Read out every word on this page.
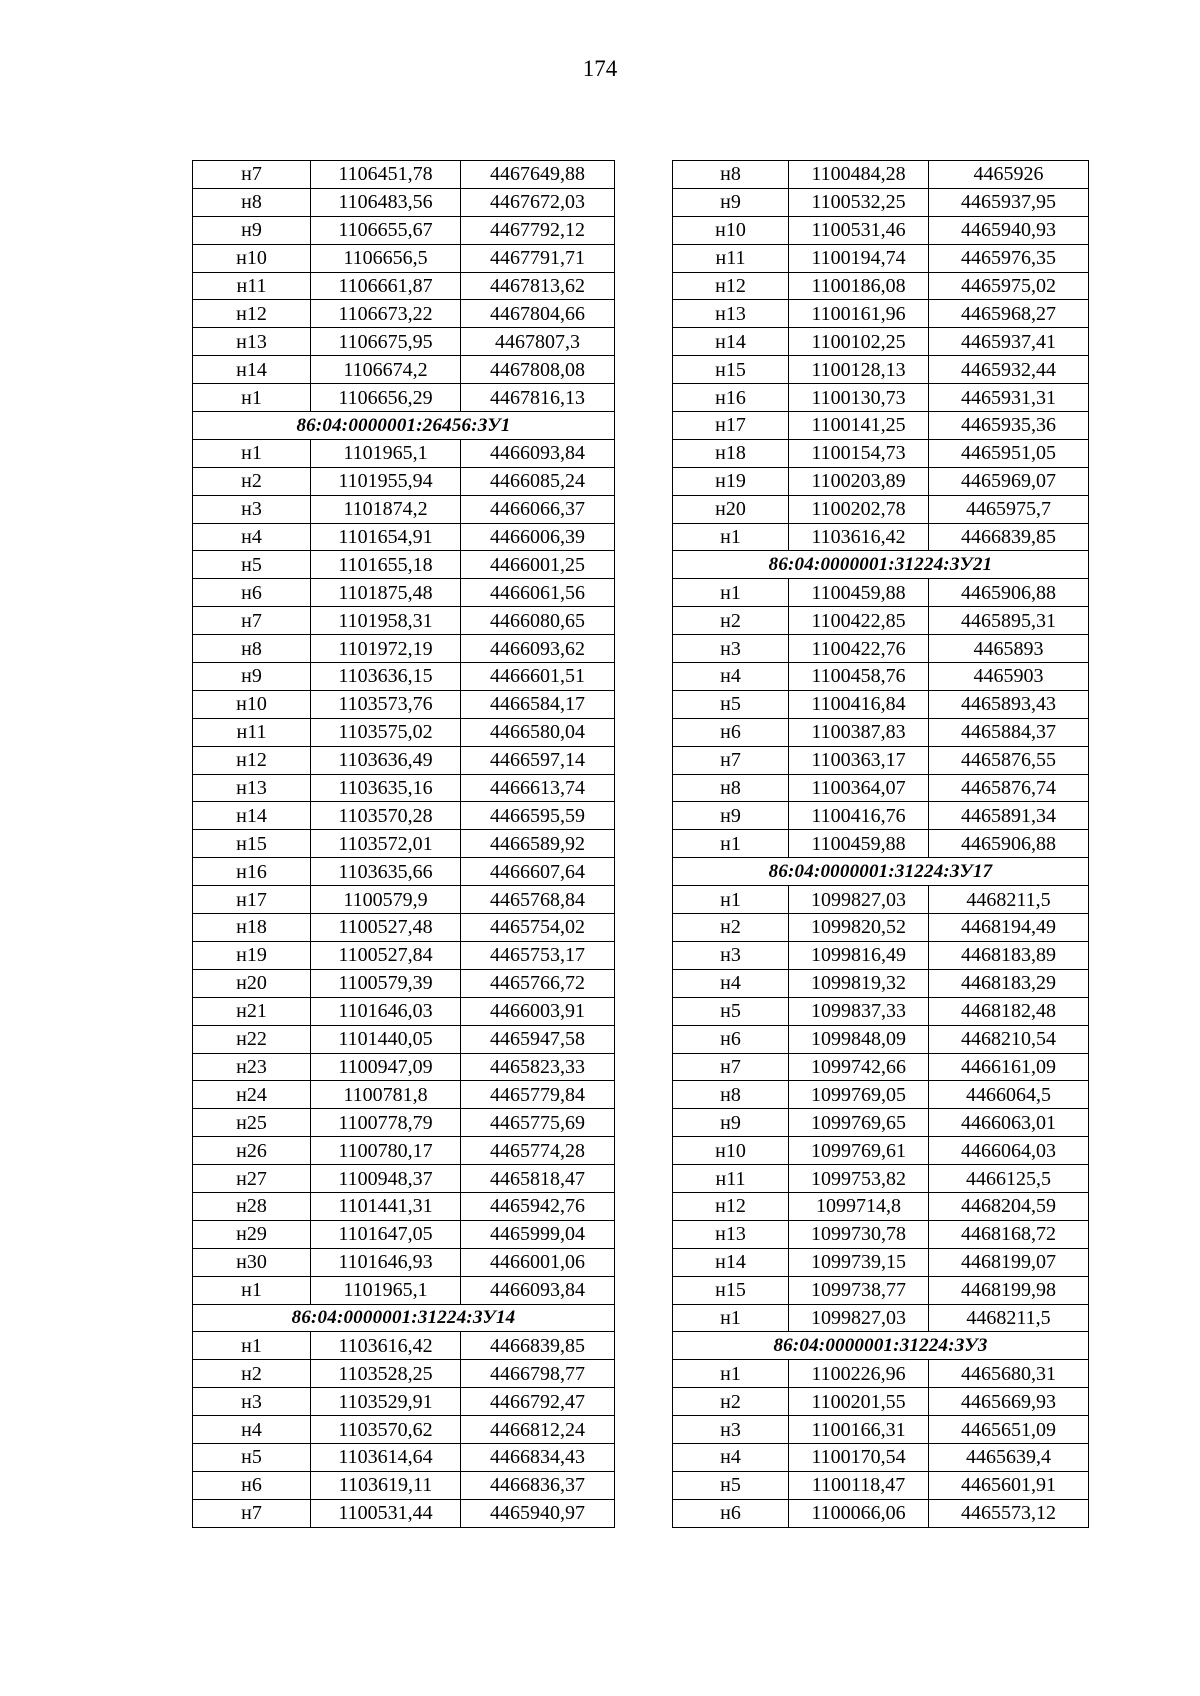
174
н7	1106451,78	4467649,88
н8	1106483,56	4467672,03
н9	1106655,67	4467792,12
н10	1106656,5	4467791,71
н11	1106661,87	4467813,62
н12	1106673,22	4467804,66
н13	1106675,95	4467807,3
н14	1106674,2	4467808,08
н1	1106656,29	4467816,13
86:04:0000001:26456:ЗУ1		
н1	1101965,1	4466093,84
н2	1101955,94	4466085,24
н3	1101874,2	4466066,37
н4	1101654,91	4466006,39
н5	1101655,18	4466001,25
н6	1101875,48	4466061,56
н7	1101958,31	4466080,65
н8	1101972,19	4466093,62
н9	1103636,15	4466601,51
н10	1103573,76	4466584,17
н11	1103575,02	4466580,04
н12	1103636,49	4466597,14
н13	1103635,16	4466613,74
н14	1103570,28	4466595,59
н15	1103572,01	4466589,92
н16	1103635,66	4466607,64
н17	1100579,9	4465768,84
н18	1100527,48	4465754,02
н19	1100527,84	4465753,17
н20	1100579,39	4465766,72
н21	1101646,03	4466003,91
н22	1101440,05	4465947,58
н23	1100947,09	4465823,33
н24	1100781,8	4465779,84
н25	1100778,79	4465775,69
н26	1100780,17	4465774,28
н27	1100948,37	4465818,47
н28	1101441,31	4465942,76
н29	1101647,05	4465999,04
н30	1101646,93	4466001,06
н1	1101965,1	4466093,84
86:04:0000001:31224:ЗУ14		
н1	1103616,42	4466839,85
н2	1103528,25	4466798,77
н3	1103529,91	4466792,47
н4	1103570,62	4466812,24
н5	1103614,64	4466834,43
н6	1103619,11	4466836,37
н7	1100531,44	4465940,97
н8	1100484,28	4465926
н9	1100532,25	4465937,95
н10	1100531,46	4465940,93
н11	1100194,74	4465976,35
н12	1100186,08	4465975,02
н13	1100161,96	4465968,27
н14	1100102,25	4465937,41
н15	1100128,13	4465932,44
н16	1100130,73	4465931,31
н17	1100141,25	4465935,36
н18	1100154,73	4465951,05
н19	1100203,89	4465969,07
н20	1100202,78	4465975,7
н1	1103616,42	4466839,85
86:04:0000001:31224:ЗУ21		
н1	1100459,88	4465906,88
н2	1100422,85	4465895,31
н3	1100422,76	4465893
н4	1100458,76	4465903
н5	1100416,84	4465893,43
н6	1100387,83	4465884,37
н7	1100363,17	4465876,55
н8	1100364,07	4465876,74
н9	1100416,76	4465891,34
н1	1100459,88	4465906,88
86:04:0000001:31224:ЗУ17		
н1	1099827,03	4468211,5
н2	1099820,52	4468194,49
н3	1099816,49	4468183,89
н4	1099819,32	4468183,29
н5	1099837,33	4468182,48
н6	1099848,09	4468210,54
н7	1099742,66	4466161,09
н8	1099769,05	4466064,5
н9	1099769,65	4466063,01
н10	1099769,61	4466064,03
н11	1099753,82	4466125,5
н12	1099714,8	4468204,59
н13	1099730,78	4468168,72
н14	1099739,15	4468199,07
н15	1099738,77	4468199,98
н1	1099827,03	4468211,5
86:04:0000001:31224:ЗУ3		
н1	1100226,96	4465680,31
н2	1100201,55	4465669,93
н3	1100166,31	4465651,09
н4	1100170,54	4465639,4
н5	1100118,47	4465601,91
н6	1100066,06	4465573,12
